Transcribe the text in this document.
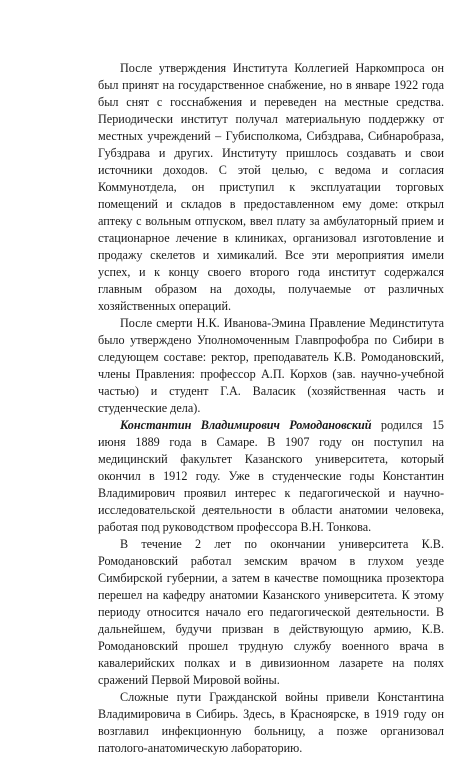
После утверждения Института Коллегией Наркомпроса он был принят на государственное снабжение, но в январе 1922 года был снят с госснабжения и переведен на местные средства. Периодически институт получал материальную поддержку от местных учреждений – Губисполкома, Сибздрава, Сибнаробраза, Губздрава и других. Институту пришлось создавать и свои источники доходов. С этой целью, с ведома и согласия Коммунотдела, он приступил к эксплуатации торговых помещений и складов в предоставленном ему доме: открыл аптеку с вольным отпуском, ввел плату за амбулаторный прием и стационарное лечение в клиниках, организовал изготовление и продажу скелетов и химикалий. Все эти мероприятия имели успех, и к концу своего второго года институт содержался главным образом на доходы, получаемые от различных хозяйственных операций.

После смерти Н.К. Иванова-Эмина Правление Мединститута было утверждено Уполномоченным Главпрофобра по Сибири в следующем составе: ректор, преподаватель К.В. Ромодановский, члены Правления: профессор А.П. Корхов (зав. научно-учебной частью) и студент Г.А. Валасик (хозяйственная часть и студенческие дела).

Константин Владимирович Ромодановский родился 15 июня 1889 года в Самаре. В 1907 году он поступил на медицинский факультет Казанского университета, который окончил в 1912 году. Уже в студенческие годы Константин Владимирович проявил интерес к педагогической и научно-исследовательской деятельности в области анатомии человека, работая под руководством профессора В.Н. Тонкова.

В течение 2 лет по окончании университета К.В. Ромодановский работал земским врачом в глухом уезде Симбирской губернии, а затем в качестве помощника прозектора перешел на кафедру анатомии Казанского университета. К этому периоду относится начало его педагогической деятельности. В дальнейшем, будучи призван в действующую армию, К.В. Ромодановский прошел трудную службу военного врача в кавалерийских полках и в дивизионном лазарете на полях сражений Первой Мировой войны.

Сложные пути Гражданской войны привели Константина Владимировича в Сибирь. Здесь, в Красноярске, в 1919 году он возглавил инфекционную больницу, а позже организовал патолого-анатомическую лабораторию.
